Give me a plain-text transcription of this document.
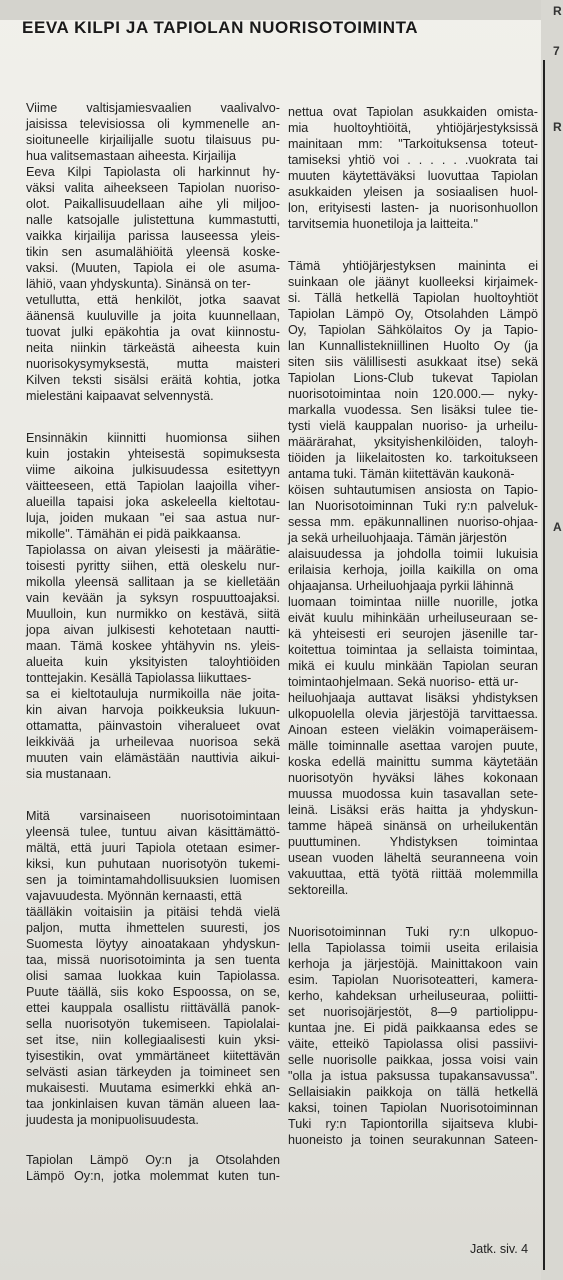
R
7
R
A
EEVA KILPI JA TAPIOLAN NUORISOTOIMINTA
Viime valtisjamiesvaalien vaalivalvo-
jaisissa televisiossa oli kymmenelle an-
sioituneelle kirjailijalle suotu tilaisuus pu-
hua valitsemastaan aiheesta. Kirjailija
Eeva Kilpi Tapiolasta oli harkinnut hy-
väksi valita aiheekseen Tapiolan nuoriso-
olot. Paikallisuudellaan aihe yli miljoo-
nalle katsojalle julistettuna kummastutti,
vaikka kirjailija parissa lauseessa yleis-
tikin sen asumalähiöitä yleensä koske-
vaksi. (Muuten, Tapiola ei ole asuma-
lähiö, vaan yhdyskunta). Sinänsä on ter-
vetullutta, että henkilöt, jotka saavat
äänensä kuuluville ja joita kuunnellaan,
tuovat julki epäkohtia ja ovat kiinnostu-
neita niinkin tärkeästä aiheesta kuin
nuorisokysymyksestä, mutta maisteri
Kilven teksti sisälsi eräitä kohtia, jotka
mielestäni kaipaavat selvennystä.
Ensinnäkin kiinnitti huomionsa siihen
kuin jostakin yhteisestä sopimuksesta
viime aikoina julkisuudessa esitettyyn
väitteeseen, että Tapiolan laajoilla viher-
alueilla tapaisi joka askeleella kieltotau-
luja, joiden mukaan "ei saa astua nur-
mikolle". Tämähän ei pidä paikkaansa.
Tapiolassa on aivan yleisesti ja määrätie-
toisesti pyritty siihen, että oleskelu nur-
mikolla yleensä sallitaan ja se kielletään
vain kevään ja syksyn rospuuttoajaksi.
Muulloin, kun nurmikko on kestävä, siitä
jopa aivan julkisesti kehotetaan nautti-
maan. Tämä koskee yhtähyvin ns. yleis-
alueita kuin yksityisten taloyhtiöiden
tonttejakin. Kesällä Tapiolassa liikuttaes-
sa ei kieltotauluja nurmikoilla näe joita-
kin aivan harvoja poikkeuksia lukuun-
ottamatta, päinvastoin viheralueet ovat
leikkivää ja urheilevaa nuorisoa sekä
muuten vain elämästään nauttivia aikui-
sia mustanaan.
Mitä varsinaiseen nuorisotoimintaan
yleensä tulee, tuntuu aivan käsittämättö-
mältä, että juuri Tapiola otetaan esimer-
kiksi, kun puhutaan nuorisotyön tukemi-
sen ja toimintamahdollisuuksien luomisen
vajavuudesta. Myönnän kernaasti, että
täälläkin voitaisiin ja pitäisi tehdä vielä
paljon, mutta ihmettelen suuresti, jos
Suomesta löytyy ainoatakaan yhdyskun-
taa, missä nuorisotoiminta ja sen tuenta
olisi samaa luokkaa kuin Tapiolassa.
Puute täällä, siis koko Espoossa, on se,
ettei kauppala osallistu riittävällä panok-
sella nuorisotyön tukemiseen. Tapiolalai-
set itse, niin kollegiaalisesti kuin yksi-
tyisestikin, ovat ymmärtäneet kiitettävän
selvästi asian tärkeyden ja toimineet sen
mukaisesti. Muutama esimerkki ehkä an-
taa jonkinlaisen kuvan tämän alueen laa-
juudesta ja monipuolisuudesta.
Tapiolan Lämpö Oy:n ja Otsolahden
Lämpö Oy:n, jotka molemmat kuten tun-
nettua ovat Tapiolan asukkaiden omista-
mia huoltoyhtiöitä, yhtiöjärjestyksissä
mainitaan mm: "Tarkoituksensa toteut-
tamiseksi yhtiö voi . . . . . .vuokrata tai
muuten käytettäväksi luovuttaa Tapiolan
asukkaiden yleisen ja sosiaalisen huol-
lon, erityisesti lasten- ja nuorisonhuollon
tarvitsemia huonetiloja ja laitteita."
Tämä yhtiöjärjestyksen maininta ei
suinkaan ole jäänyt kuolleeksi kirjaimek-
si. Tällä hetkellä Tapiolan huoltoyhtiöt
Tapiolan Lämpö Oy, Otsolahden Lämpö
Oy, Tapiolan Sähkölaitos Oy ja Tapio-
lan Kunnallistekniillinen Huolto Oy (ja
siten siis välillisesti asukkaat itse) sekä
Tapiolan Lions-Club tukevat Tapiolan
nuorisotoimintaa noin 120.000.— nyky-
markalla vuodessa. Sen lisäksi tulee tie-
tysti vielä kauppalan nuoriso- ja urheilu-
määrärahat, yksityishenkilöiden, taloyh-
tiöiden ja liikelaitosten ko. tarkoitukseen
antama tuki. Tämän kiitettävän kaukonä-
köisen suhtautumisen ansiosta on Tapio-
lan Nuorisotoiminnan Tuki ry:n palveluk-
sessa mm. epäkunnallinen nuoriso-ohjaa-
ja sekä urheiluohjaaja. Tämän järjestön
alaisuudessa ja johdolla toimii lukuisia
erilaisia kerhoja, joilla kaikilla on oma
ohjaajansa. Urheiluohjaaja pyrkii lähinnä
luomaan toimintaa niille nuorille, jotka
eivät kuulu mihinkään urheiluseuraan se-
kä yhteisesti eri seurojen jäsenille tar-
koitettua toimintaa ja sellaista toimintaa,
mikä ei kuulu minkään Tapiolan seuran
toimintaohjelmaan. Sekä nuoriso- että ur-
heiluohjaaja auttavat lisäksi yhdistyksen
ulkopuolella olevia järjestöjä tarvittaessa.
Ainoan esteen vieläkin voimaperäisem-
mälle toiminnalle asettaa varojen puute,
koska edellä mainittu summa käytetään
nuorisotyön hyväksi lähes kokonaan
muussa muodossa kuin tasavallan sete-
leinä. Lisäksi eräs haitta ja yhdyskun-
tamme häpeä sinänsä on urheilukentän
puuttuminen. Yhdistyksen toimintaa
usean vuoden läheltä seuranneena voin
vakuuttaa, että työtä riittää molemmilla
sektoreilla.
Nuorisotoiminnan Tuki ry:n ulkopuo-
lella Tapiolassa toimii useita erilaisia
kerhoja ja järjestöjä. Mainittakoon vain
esim. Tapiolan Nuorisoteatteri, kamera-
kerho, kahdeksan urheiluseuraa, poliitti-
set nuorisojärjestöt, 8—9 partiolippu-
kuntaa jne. Ei pidä paikkaansa edes se
väite, etteikö Tapiolassa olisi passiivi-
selle nuorisolle paikkaa, jossa voisi vain
"olla ja istua paksussa tupakansavussa".
Sellaisiakin paikkoja on tällä hetkellä
kaksi, toinen Tapiolan Nuorisotoiminnan
Tuki ry:n Tapiontorilla sijaitseva klubi-
huoneisto ja toinen seurakunnan Sateen-
Jatk. siv. 4
